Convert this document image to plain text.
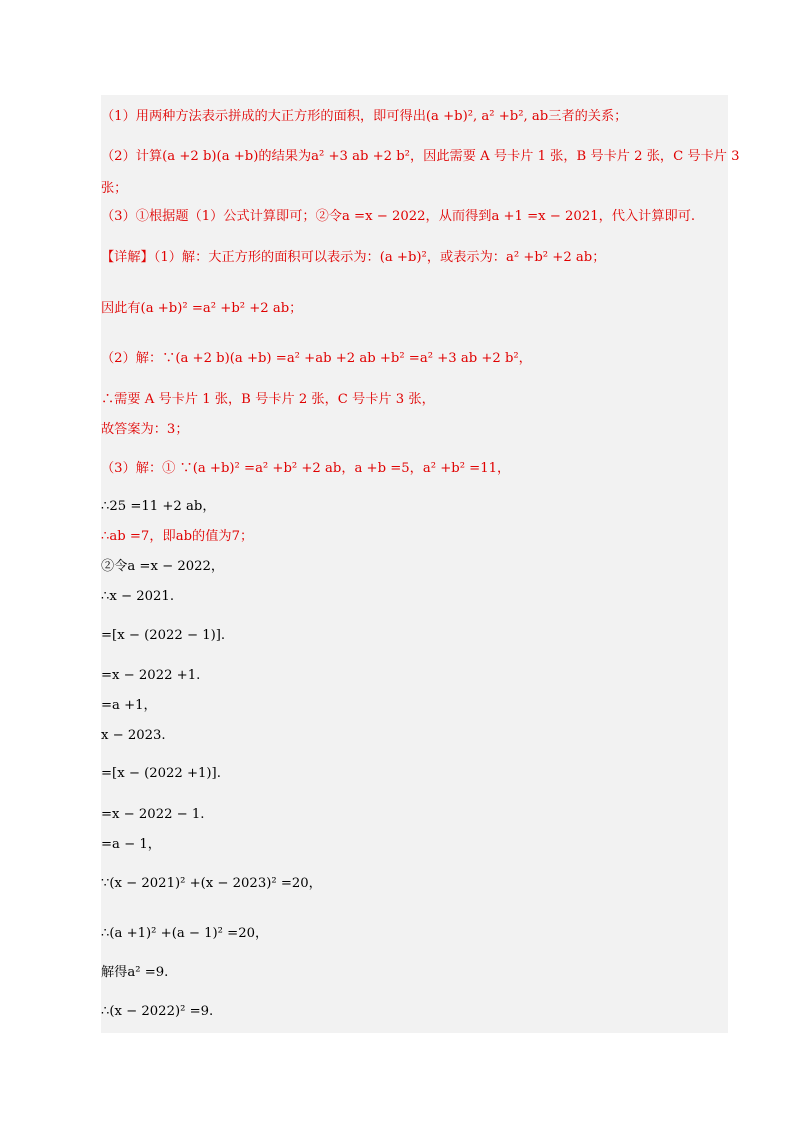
（1）用两种方法表示拼成的大正方形的面积，即可得出(a +b)², a² +b², ab三者的关系；
（2）计算(a +2 b)(a +b)的结果为a² +3 ab +2 b²，因此需要 A 号卡片 1 张，B 号卡片 2 张，C 号卡片 3
张；
（3）①根据题（1）公式计算即可；②令a =x − 2022，从而得到a +1 =x − 2021，代入计算即可.
【详解】（1）解：大正方形的面积可以表示为：(a +b)²，或表示为：a² +b² +2 ab；
因此有(a +b)² =a² +b² +2 ab；
（2）解：∵(a +2 b)(a +b) =a² +ab +2 ab +b² =a² +3 ab +2 b²，
∴需要 A 号卡片 1 张，B 号卡片 2 张，C 号卡片 3 张，
故答案为：3；
（3）解：① ∵(a +b)² =a² +b² +2 ab，a +b =5，a² +b² =11，
∴25 =11 +2 ab，
∴ab =7，即ab的值为7；
②令a =x − 2022，
∴x − 2021.
=[x − (2022 − 1)].
=x − 2022 +1.
=a +1，
x − 2023.
=[x − (2022 +1)].
=x − 2022 − 1.
=a − 1，
∵(x − 2021)² +(x − 2023)² =20，
∴(a +1)² +(a − 1)² =20，
解得a² =9.
∴(x − 2022)² =9.
